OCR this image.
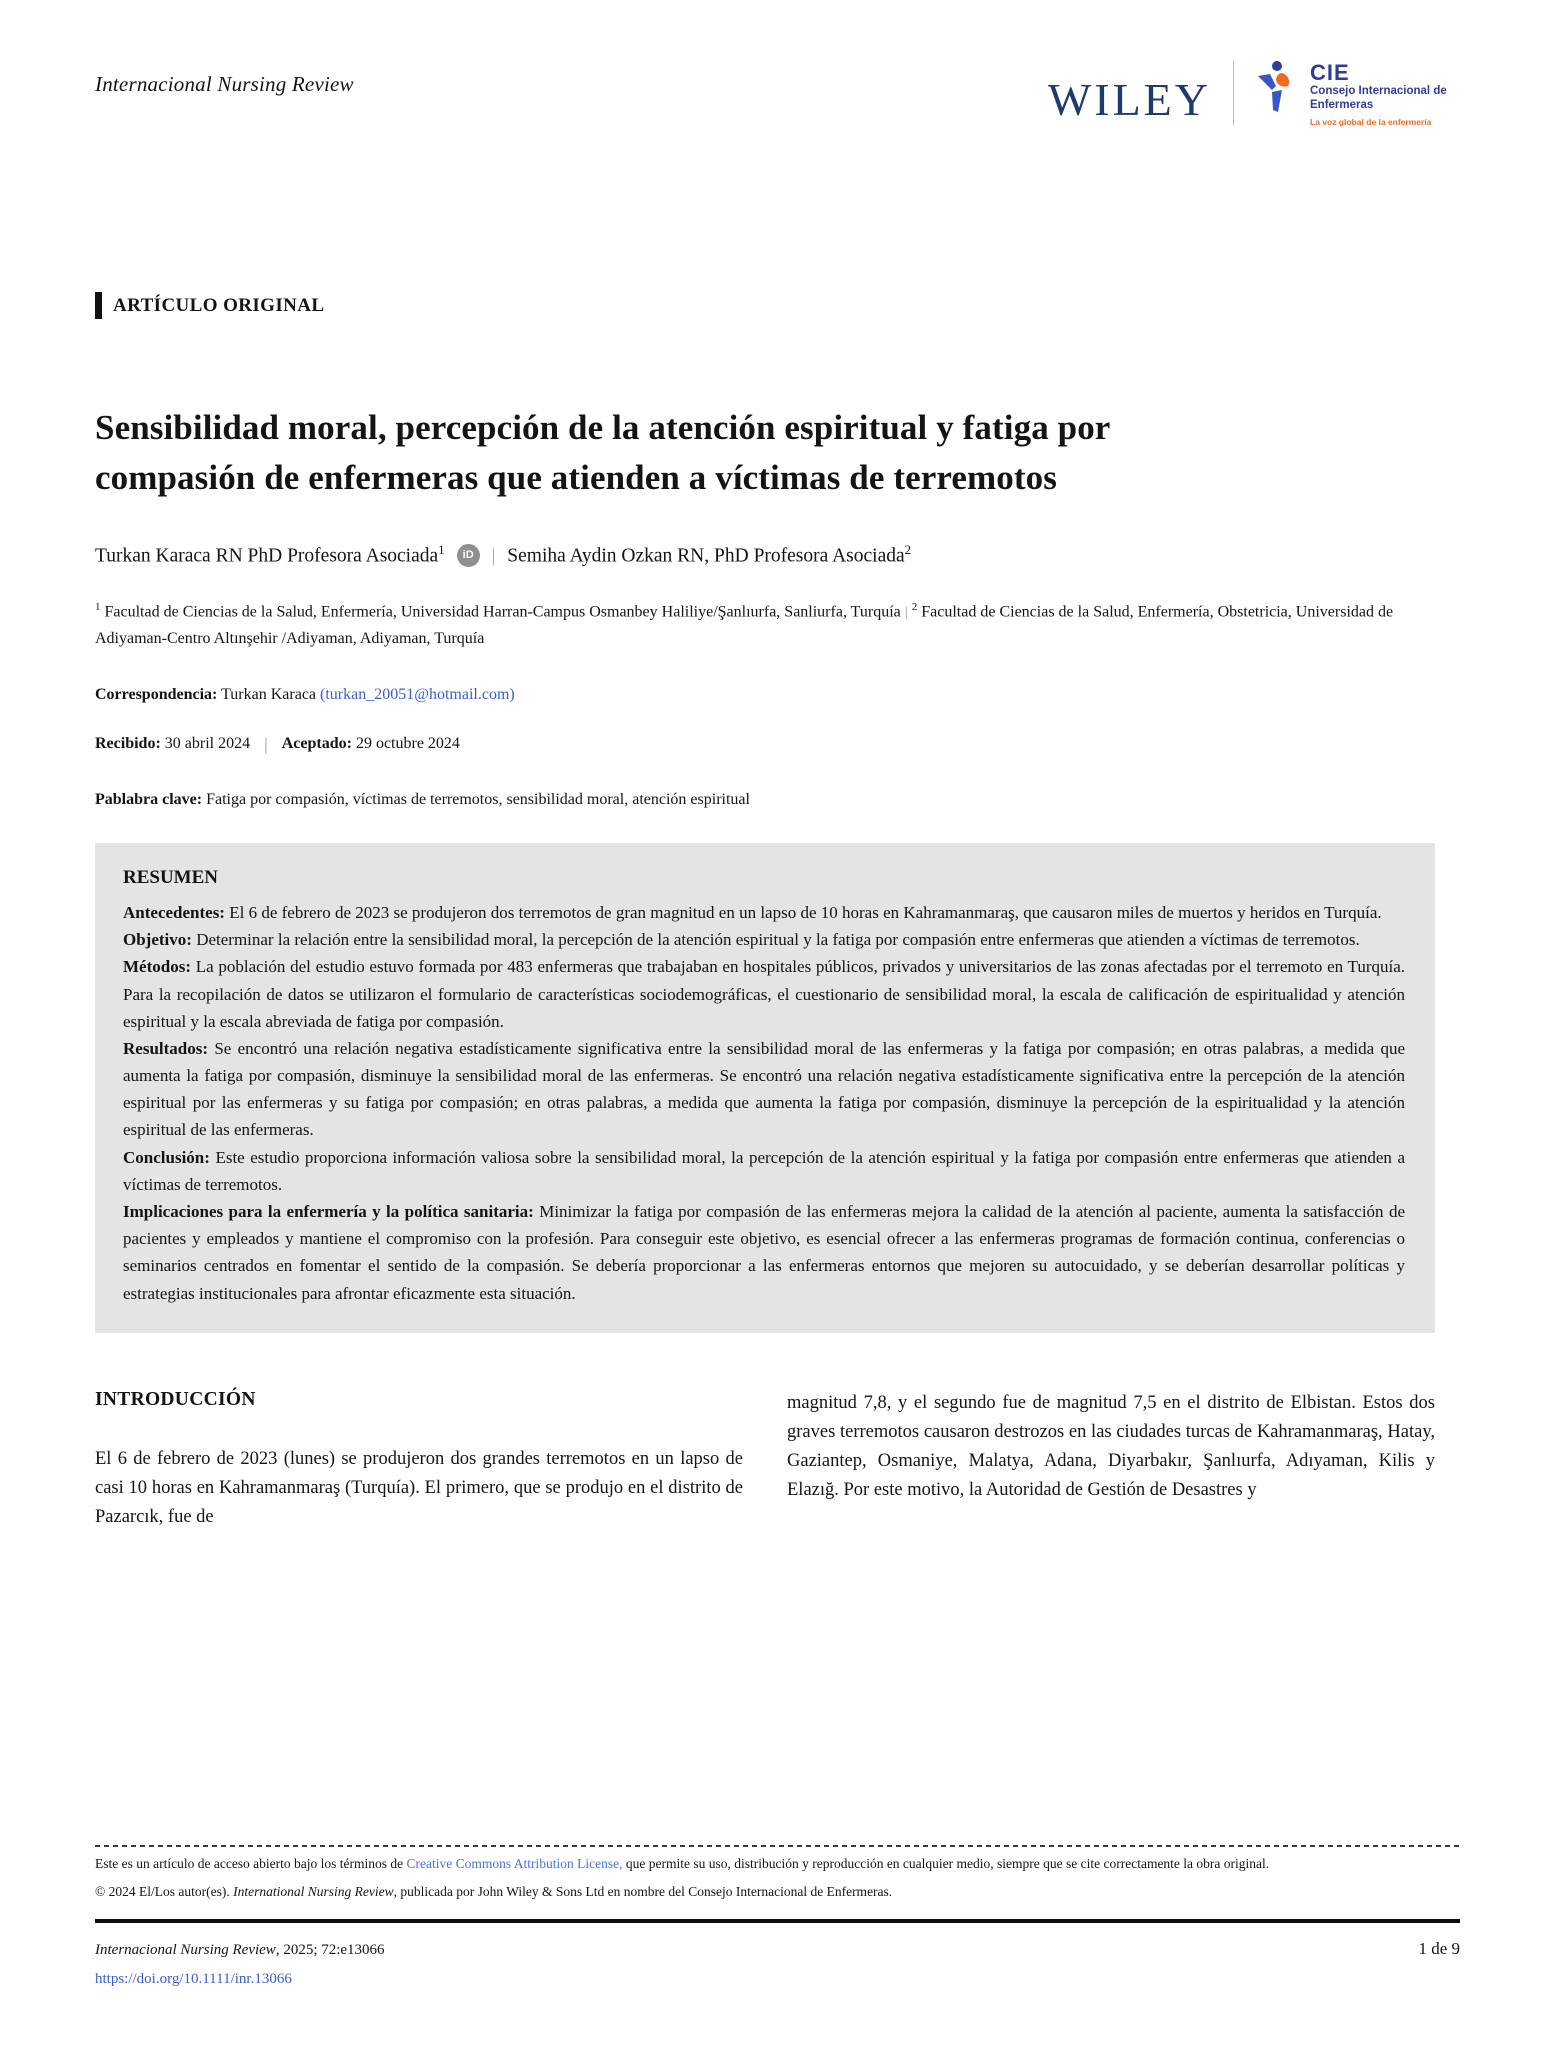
Internacional Nursing Review	WILEY
CIE
Consejo Internacional de Enfermeras
La voz global de la enfermería
ARTÍCULO ORIGINAL
Sensibilidad moral, percepción de la atención espiritual y fatiga por compasión de enfermeras que atienden a víctimas de terremotos
Turkan Karaca RN PhD Profesora Asociada$^1$	iD	| Semiha Aydin Ozkan RN, PhD Profesora Asociada$^2$
$^1$ Facultad de Ciencias de la Salud, Enfermería, Universidad Harran-Campus Osmanbey Haliliye/Şanlıurfa, Sanliurfa, Turquía | $^2$ Facultad de Ciencias de la Salud, Enfermería, Obstetricia, Universidad de Adiyaman-Centro Altınşehir /Adiyaman, Adiyaman, Turquía
Correspondencia: Turkan Karaca (turkan_20051@hotmail.com)
Recibido: 30 abril 2024 | Aceptado: 29 octubre 2024
Pablabra clave: Fatiga por compasión, víctimas de terremotos, sensibilidad moral, atención espiritual
RESUMEN

Antecedentes: El 6 de febrero de 2023 se produjeron dos terremotos de gran magnitud en un lapso de 10 horas en Kahramanmaraş, que causaron miles de muertos y heridos en Turquía.

Objetivo: Determinar la relación entre la sensibilidad moral, la percepción de la atención espiritual y la fatiga por compasión entre enfermeras que atienden a víctimas de terremotos.

Métodos: La población del estudio estuvo formada por 483 enfermeras que trabajaban en hospitales públicos, privados y universitarios de las zonas afectadas por el terremoto en Turquía. Para la recopilación de datos se utilizaron el formulario de características sociodemográficas, el cuestionario de sensibilidad moral, la escala de calificación de espiritualidad y atención espiritual y la escala abreviada de fatiga por compasión.

Resultados: Se encontró una relación negativa estadísticamente significativa entre la sensibilidad moral de las enfermeras y la fatiga por compasión; en otras palabras, a medida que aumenta la fatiga por compasión, disminuye la sensibilidad moral de las enfermeras. Se encontró una relación negativa estadísticamente significativa entre la percepción de la atención espiritual por las enfermeras y su fatiga por compasión; en otras palabras, a medida que aumenta la fatiga por compasión, disminuye la percepción de la espiritualidad y la atención espiritual de las enfermeras.

Conclusión: Este estudio proporciona información valiosa sobre la sensibilidad moral, la percepción de la atención espiritual y la fatiga por compasión entre enfermeras que atienden a víctimas de terremotos.

Implicaciones para la enfermería y la política sanitaria: Minimizar la fatiga por compasión de las enfermeras mejora la calidad de la atención al paciente, aumenta la satisfacción de pacientes y empleados y mantiene el compromiso con la profesión. Para conseguir este objetivo, es esencial ofrecer a las enfermeras programas de formación continua, conferencias o seminarios centrados en fomentar el sentido de la compasión. Se debería proporcionar a las enfermeras entornos que mejoren su autocuidado, y se deberían desarrollar políticas y estrategias institucionales para afrontar eficazmente esta situación.

INTRODUCCIÓN

El 6 de febrero de 2023 (lunes) se produjeron dos grandes terremotos en un lapso de casi 10 horas en Kahramanmaraş (Turquía). El primero, que se produjo en el distrito de Pazarcık, fue de

magnitud 7,8, y el segundo fue de magnitud 7,5 en el distrito de Elbistan. Estos dos graves terremotos causaron destrozos en las ciudades turcas de Kahramanmaraş, Hatay, Gaziantep, Osmaniye, Malatya, Adana, Diyarbakır, Şanlıurfa, Adıyaman, Kilis y Elazığ. Por este motivo, la Autoridad de Gestión de Desastres y

Este es un artículo de acceso abierto bajo los términos de Creative Commons Attribution License, que permite su uso, distribución y reproducción en cualquier medio, siempre que se cite correctamente la obra original.
© 2024 El/Los autor(es). International Nursing Review, publicada por John Wiley & Sons Ltd en nombre del Consejo Internacional de Enfermeras.
Internacional Nursing Review, 2025; 72:e13066	1 de 9
https://doi.org/10.1111/inr.13066
